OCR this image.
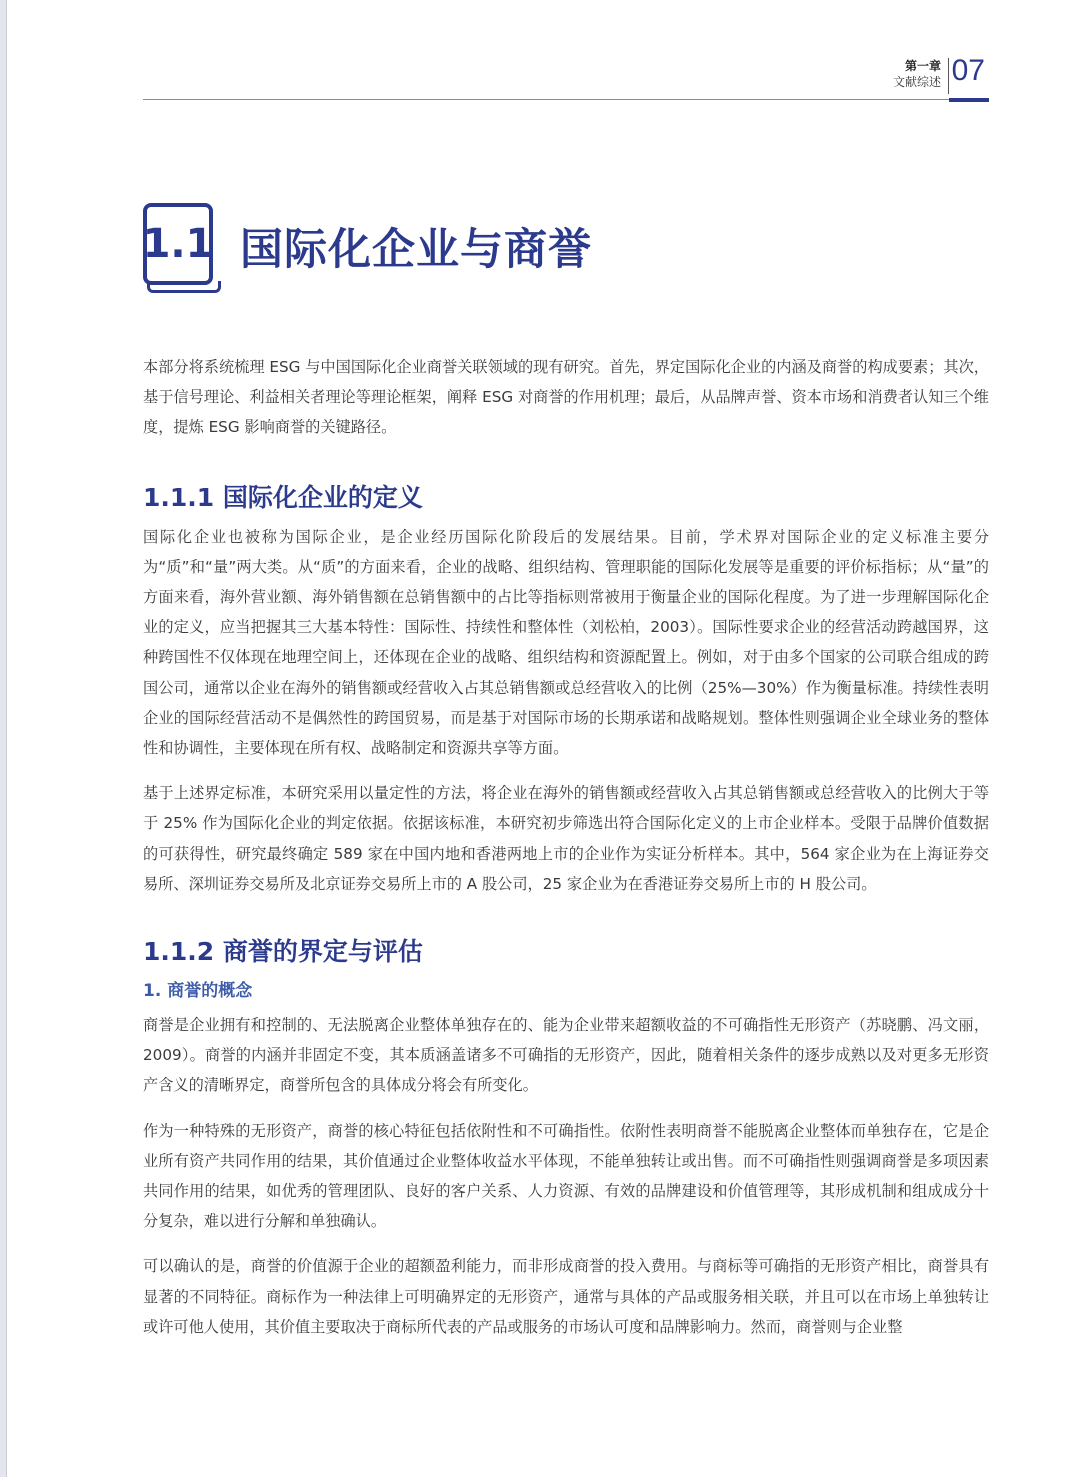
第一章
文献综述 07
1.1 国际化企业与商誉

本部分将系统梳理 ESG 与中国国际化企业商誉关联领域的现有研究。首先，界定国际化企业的内涵及商誉的构成要素；其次，基于信号理论、利益相关者理论等理论框架，阐释 ESG 对商誉的作用机理；最后，从品牌声誉、资本市场和消费者认知三个维度，提炼 ESG 影响商誉的关键路径。

1.1.1 国际化企业的定义

国际化企业也被称为国际企业，是企业经历国际化阶段后的发展结果。目前，学术界对国际企业的定义标准主要分为“质”和“量”两大类。从“质”的方面来看，企业的战略、组织结构、管理职能的国际化发展等是重要的评价标指标；从“量”的方面来看，海外营业额、海外销售额在总销售额中的占比等指标则常被用于衡量企业的国际化程度。为了进一步理解国际化企业的定义，应当把握其三大基本特性：国际性、持续性和整体性（刘松柏，2003）。国际性要求企业的经营活动跨越国界，这种跨国性不仅体现在地理空间上，还体现在企业的战略、组织结构和资源配置上。例如，对于由多个国家的公司联合组成的跨国公司，通常以企业在海外的销售额或经营收入占其总销售额或总经营收入的比例（25%—30%）作为衡量标准。持续性表明企业的国际经营活动不是偶然性的跨国贸易，而是基于对国际市场的长期承诺和战略规划。整体性则强调企业全球业务的整体性和协调性，主要体现在所有权、战略制定和资源共享等方面。

基于上述界定标准，本研究采用以量定性的方法，将企业在海外的销售额或经营收入占其总销售额或总经营收入的比例大于等于 25% 作为国际化企业的判定依据。依据该标准，本研究初步筛选出符合国际化定义的上市企业样本。受限于品牌价值数据的可获得性，研究最终确定 589 家在中国内地和香港两地上市的企业作为实证分析样本。其中，564 家企业为在上海证券交易所、深圳证券交易所及北京证券交易所上市的 A 股公司，25 家企业为在香港证券交易所上市的 H 股公司。

1.1.2 商誉的界定与评估
1. 商誉的概念

商誉是企业拥有和控制的、无法脱离企业整体单独存在的、能为企业带来超额收益的不可确指性无形资产（苏晓鹏、冯文丽，2009）。商誉的内涵并非固定不变，其本质涵盖诸多不可确指的无形资产，因此，随着相关条件的逐步成熟以及对更多无形资产含义的清晰界定，商誉所包含的具体成分将会有所变化。

作为一种特殊的无形资产，商誉的核心特征包括依附性和不可确指性。依附性表明商誉不能脱离企业整体而单独存在，它是企业所有资产共同作用的结果，其价值通过企业整体收益水平体现，不能单独转让或出售。而不可确指性则强调商誉是多项因素共同作用的结果，如优秀的管理团队、良好的客户关系、人力资源、有效的品牌建设和价值管理等，其形成机制和组成成分十分复杂，难以进行分解和单独确认。

可以确认的是，商誉的价值源于企业的超额盈利能力，而非形成商誉的投入费用。与商标等可确指的无形资产相比，商誉具有显著的不同特征。商标作为一种法律上可明确界定的无形资产，通常与具体的产品或服务相关联，并且可以在市场上单独转让或许可他人使用，其价值主要取决于商标所代表的产品或服务的市场认可度和品牌影响力。然而，商誉则与企业整
